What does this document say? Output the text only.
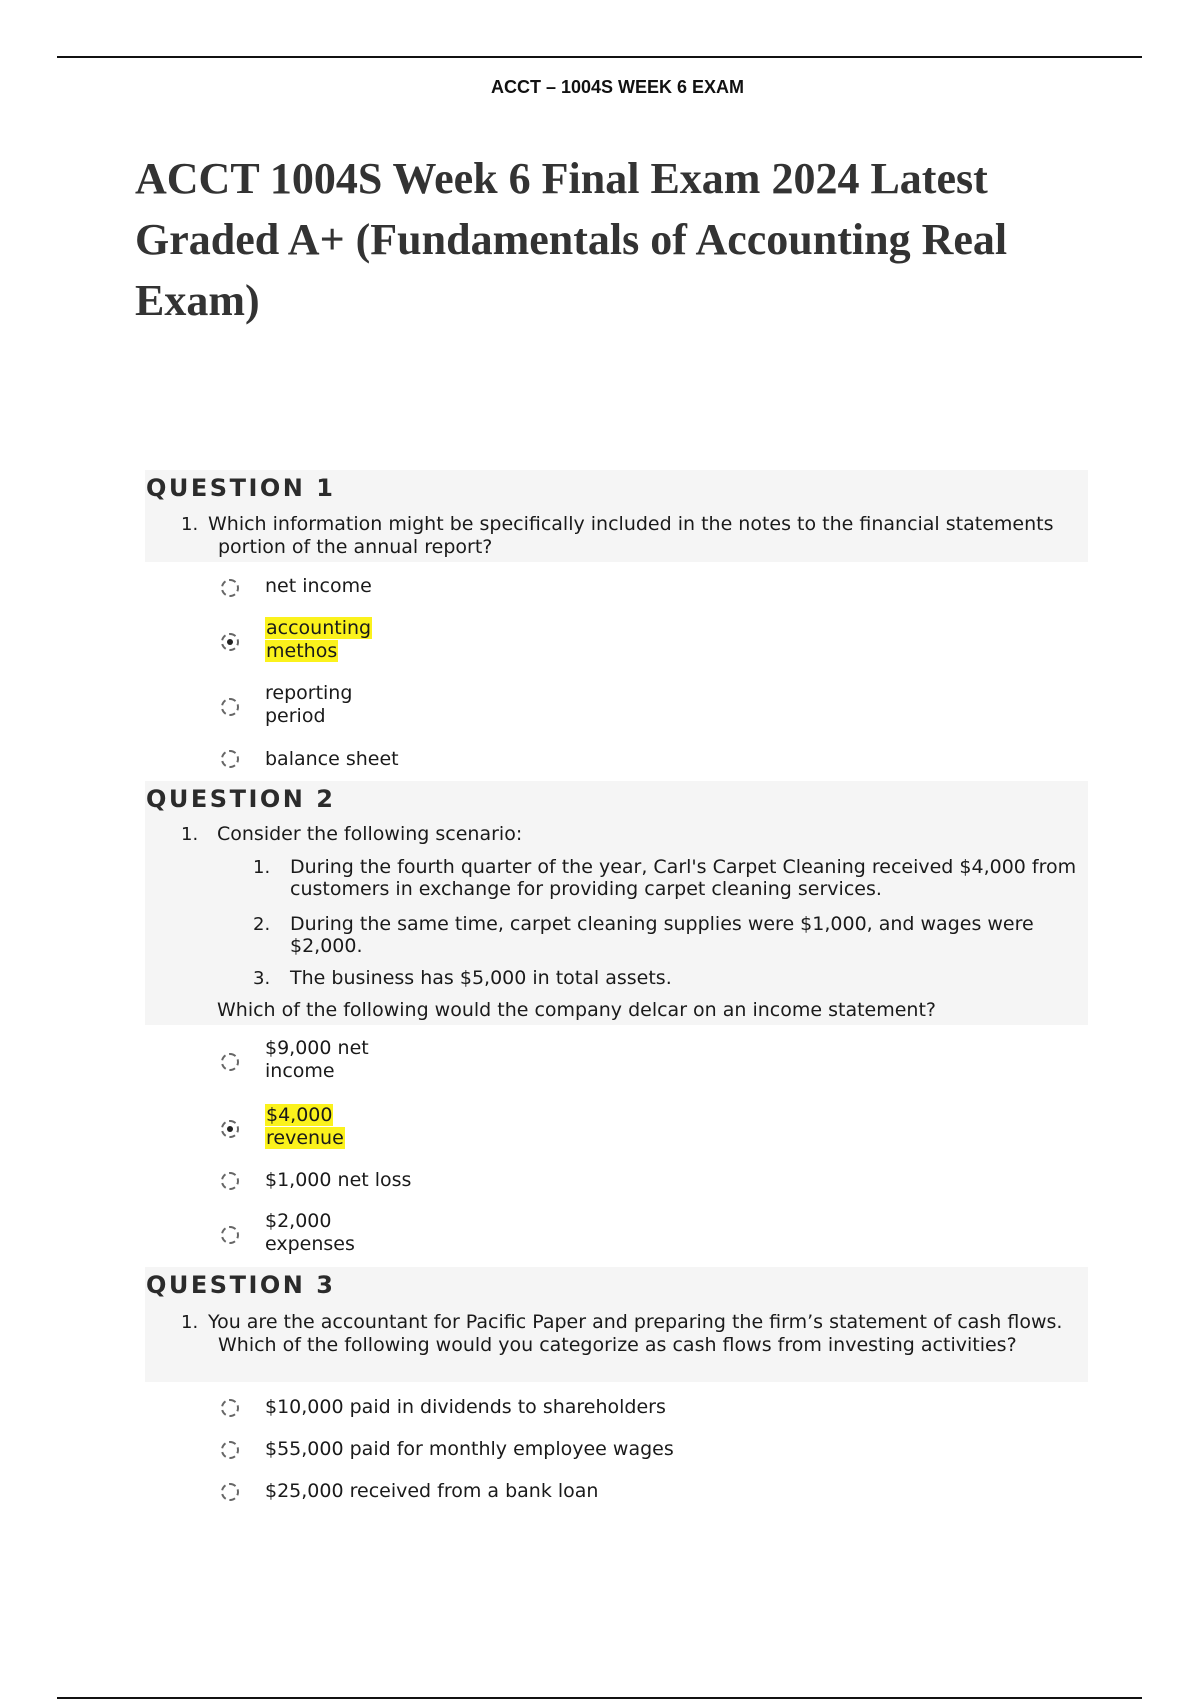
ACCT – 1004S WEEK 6 EXAM
ACCT 1004S Week 6 Final Exam 2024 Latest Graded A+ (Fundamentals of Accounting Real Exam)
QUESTION 1
1. Which information might be specifically included in the notes to the financial statements portion of the annual report?
net income
accounting methos
reporting period
balance sheet
QUESTION 2
1. Consider the following scenario:
1. During the fourth quarter of the year, Carl's Carpet Cleaning received $4,000 from customers in exchange for providing carpet cleaning services.
2. During the same time, carpet cleaning supplies were $1,000, and wages were $2,000.
3. The business has $5,000 in total assets.
Which of the following would the company delcar on an income statement?
$9,000 net income
$4,000 revenue
$1,000 net loss
$2,000 expenses
QUESTION 3
1. You are the accountant for Pacific Paper and preparing the firm’s statement of cash flows. Which of the following would you categorize as cash flows from investing activities?
$10,000 paid in dividends to shareholders
$55,000 paid for monthly employee wages
$25,000 received from a bank loan
